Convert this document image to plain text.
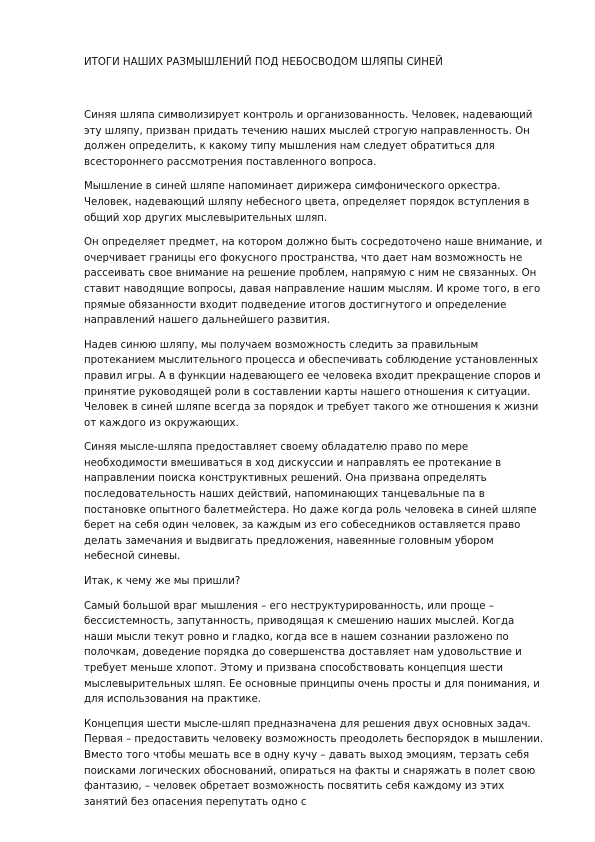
ИТОГИ НАШИХ РАЗМЫШЛЕНИЙ ПОД НЕБОСВОДОМ ШЛЯПЫ СИНЕЙ

Синяя шляпа символизирует контроль и организованность. Человек, надевающий эту шляпу, призван придать течению наших мыслей строгую направленность. Он должен определить, к какому типу мышления нам следует обратиться для всестороннего рассмотрения поставленного вопроса.

Мышление в синей шляпе напоминает дирижера симфонического оркестра. Человек, надевающий шляпу небесного цвета, определяет порядок вступления в общий хор других мыслевырительных шляп.

Он определяет предмет, на котором должно быть сосредоточено наше внимание, и очерчивает границы его фокусного пространства, что дает нам возможность не рассеивать свое внимание на решение проблем, напрямую с ним не связанных. Он ставит наводящие вопросы, давая направление нашим мыслям. И кроме того, в его прямые обязанности входит подведение итогов достигнутого и определение направлений нашего дальнейшего развития.

Надев синюю шляпу, мы получаем возможность следить за правильным протеканием мыслительного процесса и обеспечивать соблюдение установленных правил игры. А в функции надевающего ее человека входит прекращение споров и принятие руководящей роли в составлении карты нашего отношения к ситуации. Человек в синей шляпе всегда за порядок и требует такого же отношения к жизни от каждого из окружающих.

Синяя мысле-шляпа предоставляет своему обладателю право по мере необходимости вмешиваться в ход дискуссии и направлять ее протекание в направлении поиска конструктивных решений. Она призвана определять последовательность наших действий, напоминающих танцевальные па в постановке опытного балетмейстера. Но даже когда роль человека в синей шляпе берет на себя один человек, за каждым из его собеседников оставляется право делать замечания и выдвигать предложения, навеянные головным убором небесной синевы.

Итак, к чему же мы пришли?

Самый большой враг мышления – его неструктурированность, или проще – бессистемность, запутанность, приводящая к смешению наших мыслей. Когда наши мысли текут ровно и гладко, когда все в нашем сознании разложено по полочкам, доведение порядка до совершенства доставляет нам удовольствие и требует меньше хлопот. Этому и призвана способствовать концепция шести мыслевырительных шляп. Ее основные принципы очень просты и для понимания, и для использования на практике.

Концепция шести мысле-шляп предназначена для решения двух основных задач. Первая – предоставить человеку возможность преодолеть беспорядок в мышлении. Вместо того чтобы мешать все в одну кучу – давать выход эмоциям, терзать себя поисками логических обоснований, опираться на факты и снаряжать в полет свою фантазию, – человек обретает возможность посвятить себя каждому из этих занятий без опасения перепутать одно с
